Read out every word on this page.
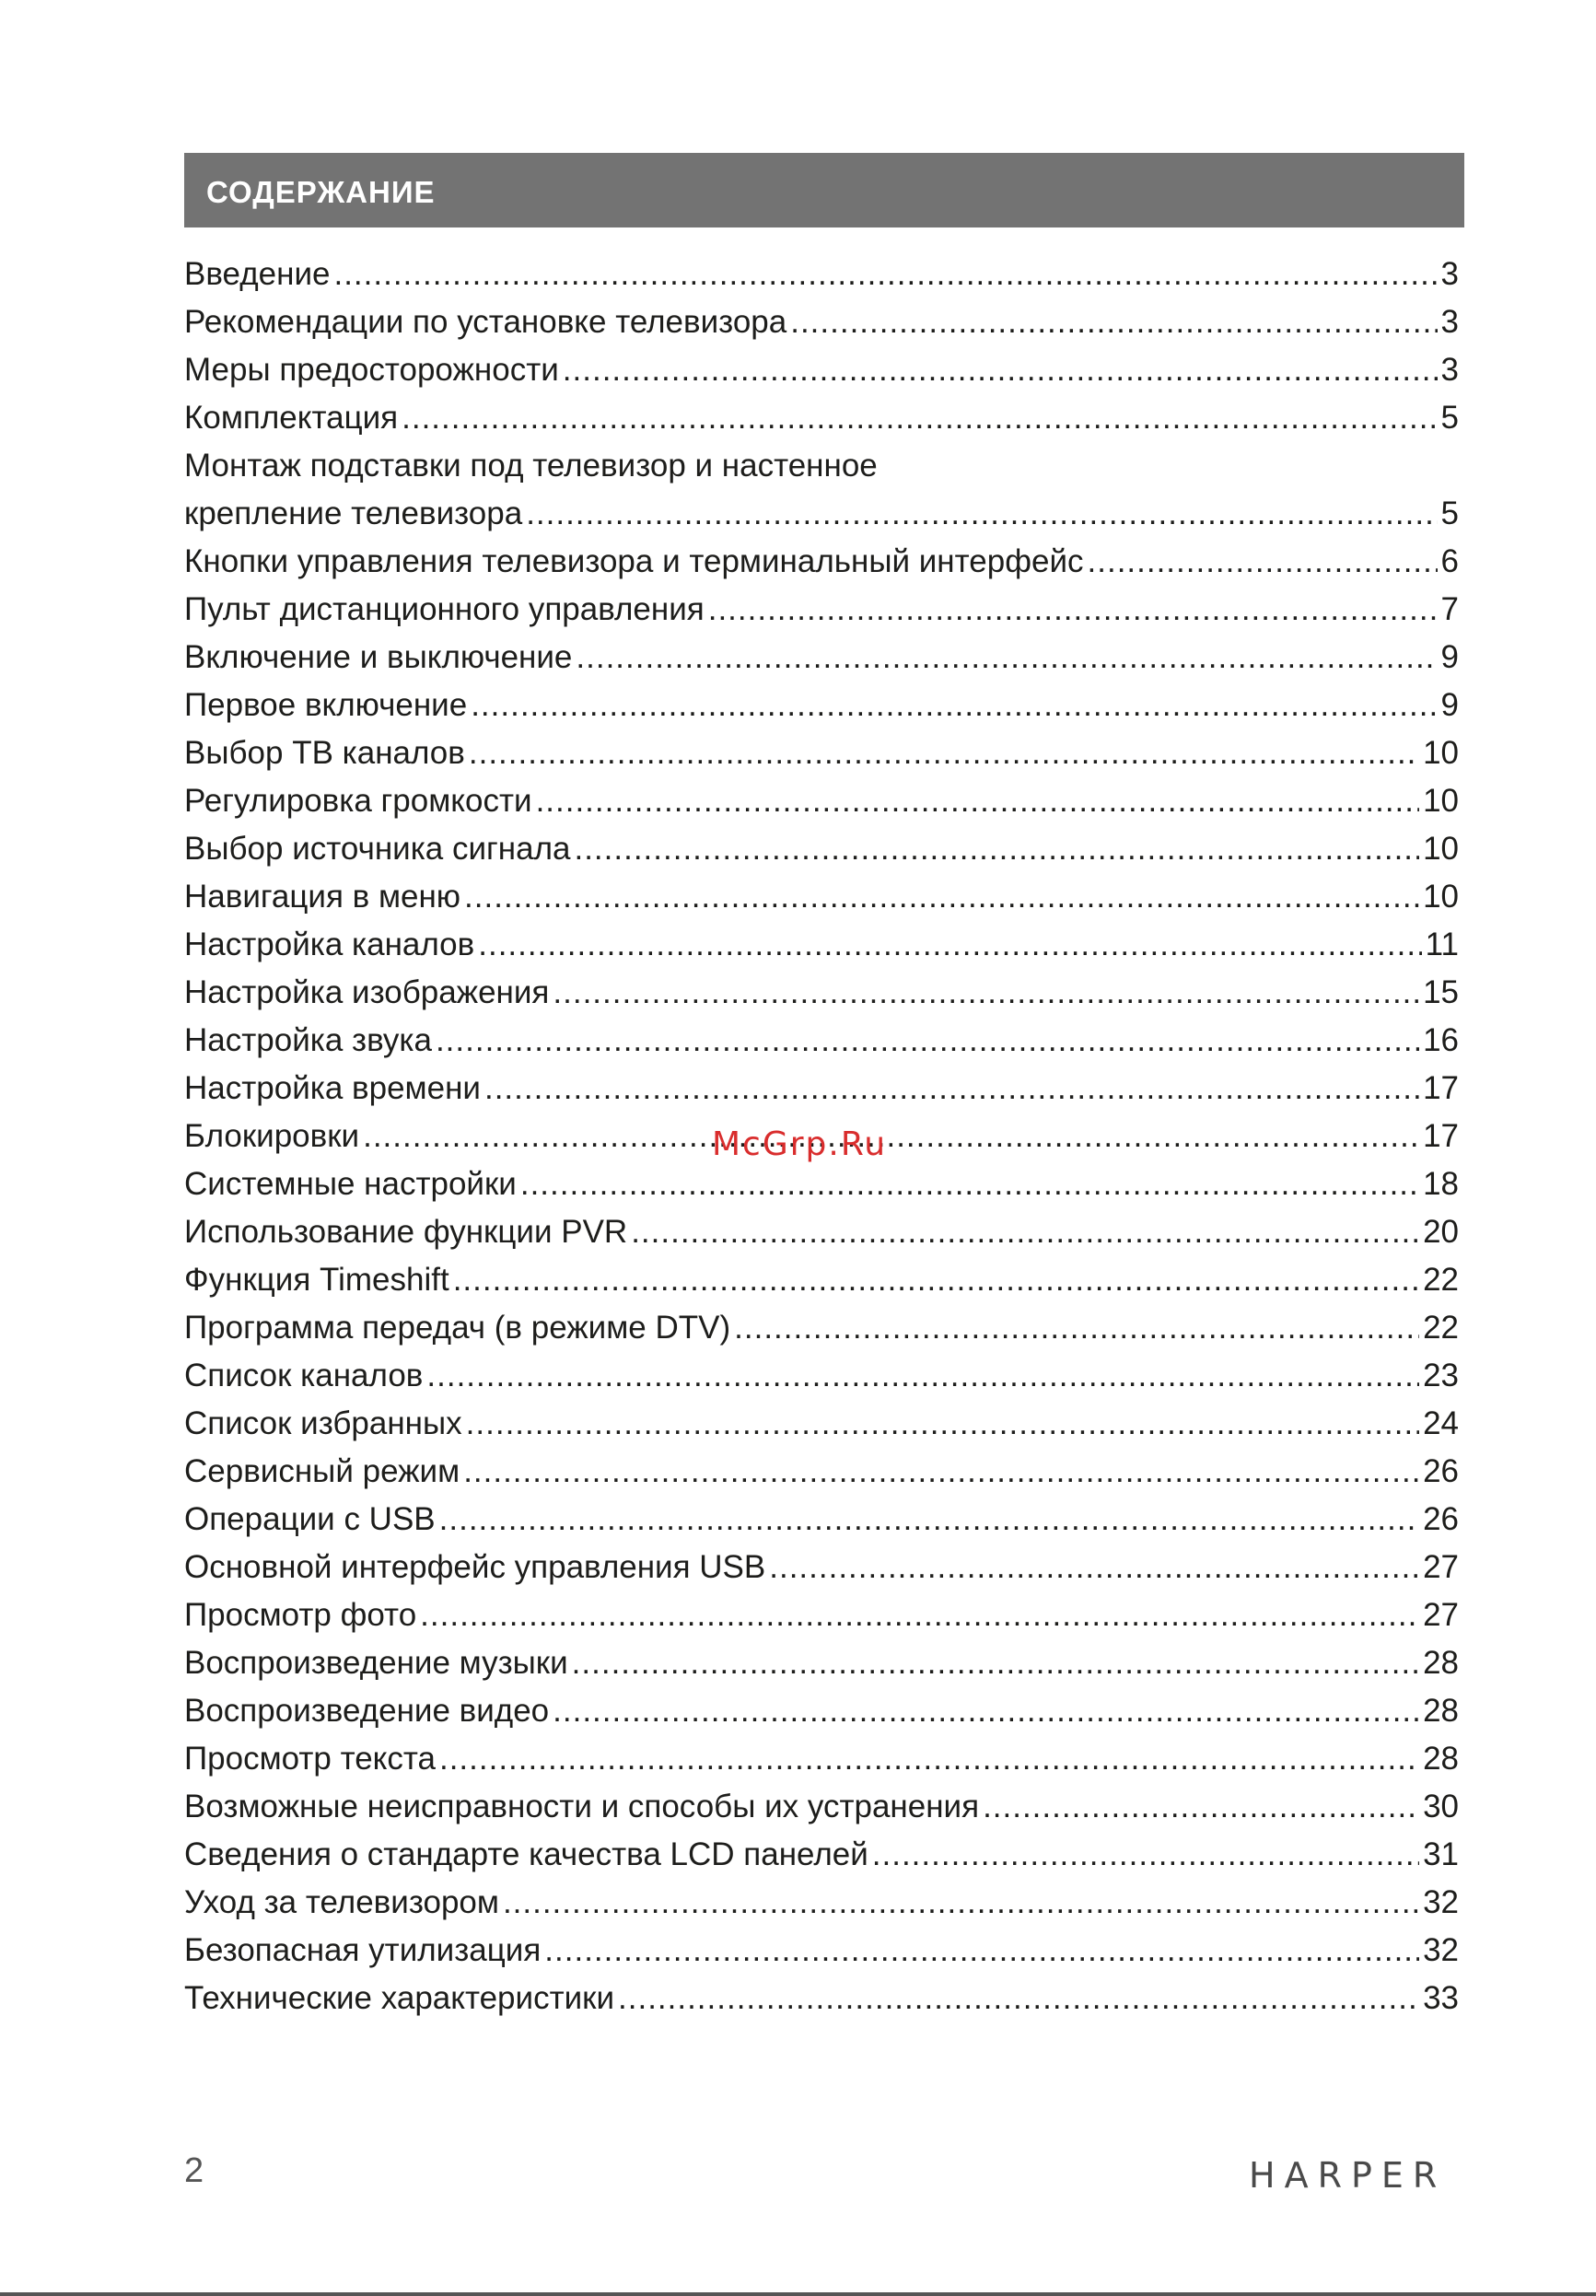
СОДЕРЖАНИЕ
Введение .....	3
Рекомендации по установке телевизора .....	3
Меры предосторожности .....	3
Комплектация .....	5
Монтаж подставки под телевизор и настенное
крепление телевизора .....	5
Кнопки управления телевизора и терминальный интерфейс .....	6
Пульт дистанционного управления .....	7
Включение и выключение .....	9
Первое включение .....	9
Выбор ТВ каналов .....	10
Регулировка громкости .....	10
Выбор источника сигнала .....	10
Навигация в меню .....	10
Настройка каналов .....	11
Настройка изображения .....	15
Настройка звука .....	16
Настройка времени .....	17
Блокировки .....	17
Системные настройки .....	18
Использование функции PVR .....	20
Функция Timeshift .....	22
Программа передач (в режиме DTV) .....	22
Список каналов .....	23
Список избранных .....	24
Сервисный режим .....	26
Операции с USB .....	26
Основной интерфейс управления USB .....	27
Просмотр фото .....	27
Воспроизведение музыки .....	28
Воспроизведение видео .....	28
Просмотр текста .....	28
Возможные неисправности и способы их устранения .....	30
Сведения о стандарте качества LCD панелей .....	31
Уход за телевизором .....	32
Безопасная утилизация .....	32
Технические характеристики .....	33
McGrp.Ru
2	HARPER
